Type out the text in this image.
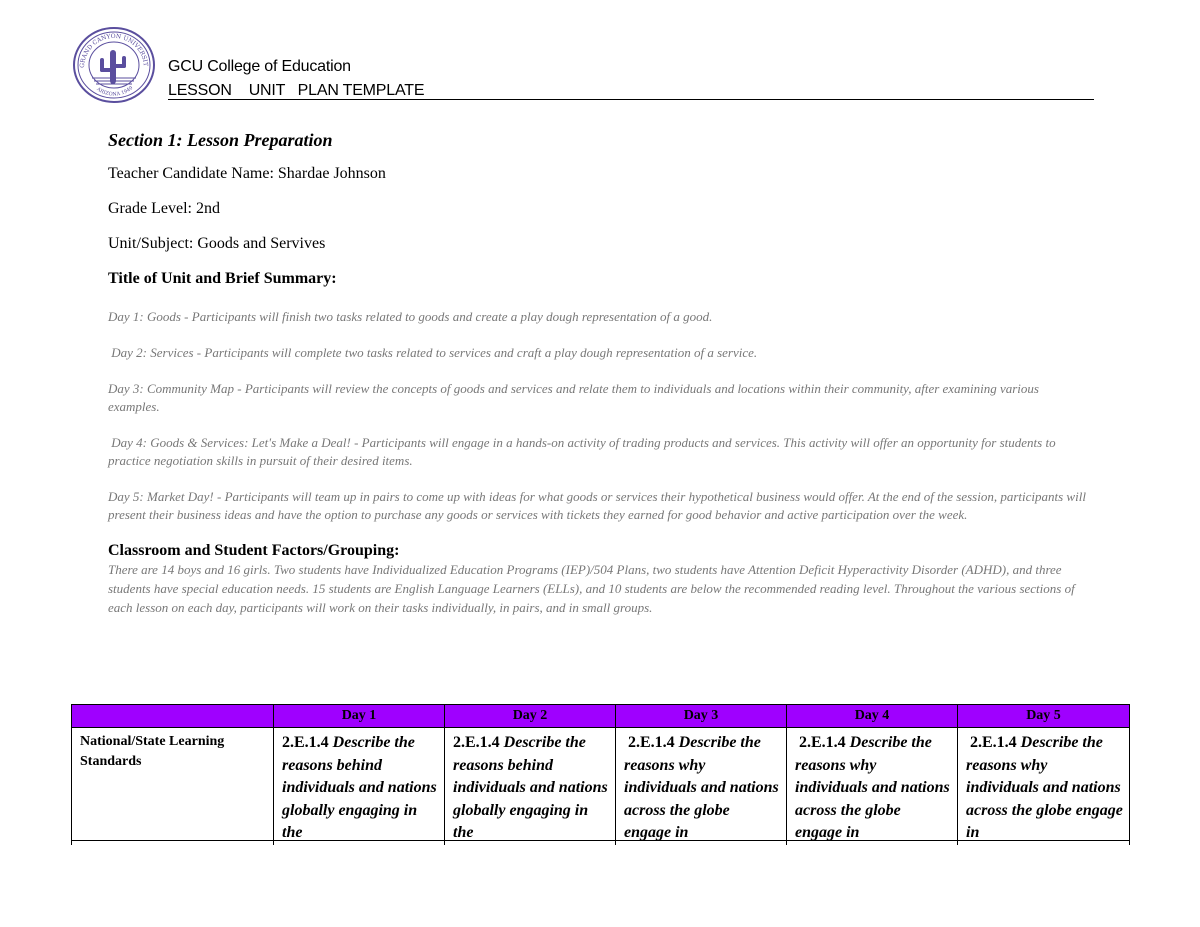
GRAND CANYON UNIVERSIT
ARIZONA 1949
GCU College of Education
LESSON    UNIT   PLAN TEMPLATE
Section 1: Lesson Preparation
Teacher Candidate Name: Shardae Johnson
Grade Level: 2nd
Unit/Subject: Goods and Servives
Title of Unit and Brief Summary:
Day 1: Goods - Participants will finish two tasks related to goods and create a play dough representation of a good.
Day 2: Services - Participants will complete two tasks related to services and craft a play dough representation of a service.
Day 3: Community Map - Participants will review the concepts of goods and services and relate them to individuals and locations within their community, after examining various examples.
Day 4: Goods & Services: Let's Make a Deal! - Participants will engage in a hands-on activity of trading products and services. This activity will offer an opportunity for students to practice negotiation skills in pursuit of their desired items.
Day 5: Market Day! - Participants will team up in pairs to come up with ideas for what goods or services their hypothetical business would offer. At the end of the session, participants will present their business ideas and have the option to purchase any goods or services with tickets they earned for good behavior and active participation over the week.
Classroom and Student Factors/Grouping:
There are 14 boys and 16 girls. Two students have Individualized Education Programs (IEP)/504 Plans, two students have Attention Deficit Hyperactivity Disorder (ADHD), and three students have special education needs. 15 students are English Language Learners (ELLs), and 10 students are below the recommended reading level. Throughout the various sections of each lesson on each day, participants will work on their tasks individually, in pairs, and in small groups.
	Day 1	Day 2	Day 3	Day 4	Day 5
National/State Learning Standards	2.E.1.4 Describe the reasons behind individuals and nations globally engaging in the	2.E.1.4 Describe the reasons behind individuals and nations globally engaging in the	2.E.1.4 Describe the reasons why individuals and nations across the globe engage in	2.E.1.4 Describe the reasons why individuals and nations across the globe engage in	2.E.1.4 Describe the reasons why individuals and nations across the globe engage in
